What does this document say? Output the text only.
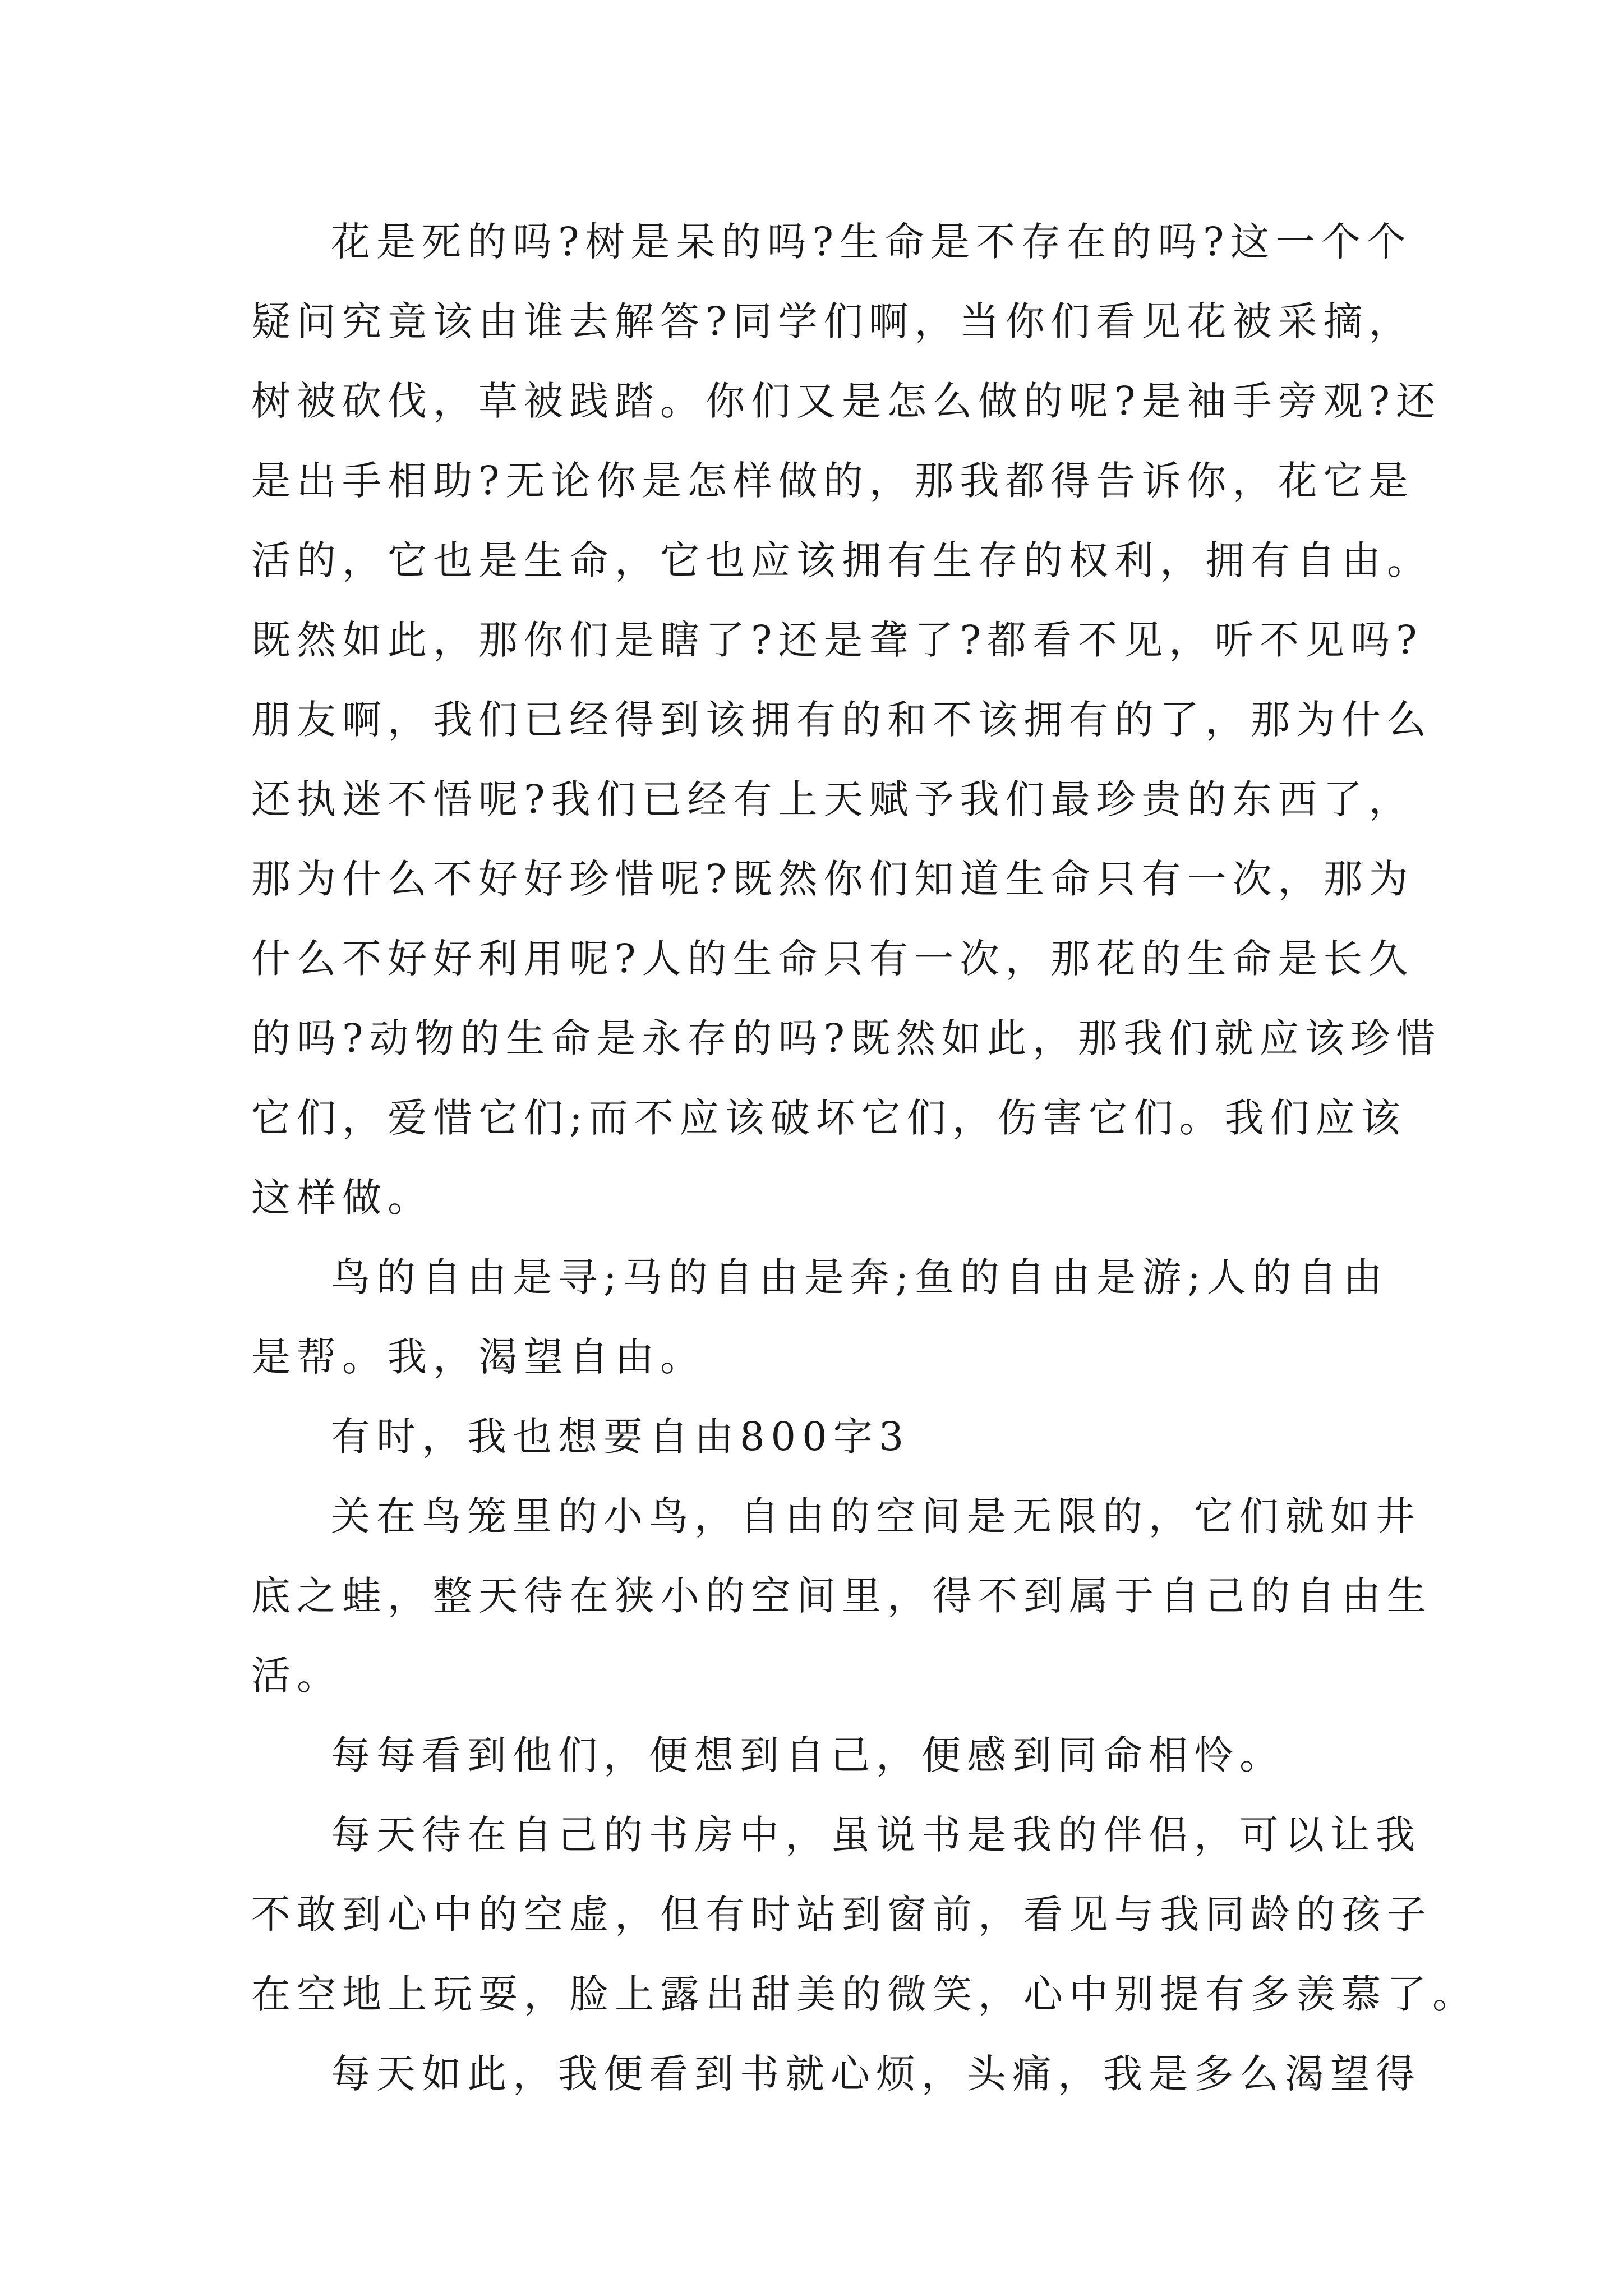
花是死的吗?树是呆的吗?生命是不存在的吗?这一个个
疑问究竟该由谁去解答?同学们啊，当你们看见花被采摘，
树被砍伐，草被践踏。你们又是怎么做的呢?是袖手旁观?还
是出手相助?无论你是怎样做的，那我都得告诉你，花它是
活的，它也是生命，它也应该拥有生存的权利，拥有自由。
既然如此，那你们是瞎了?还是聋了?都看不见，听不见吗?
朋友啊，我们已经得到该拥有的和不该拥有的了，那为什么
还执迷不悟呢?我们已经有上天赋予我们最珍贵的东西了，
那为什么不好好珍惜呢?既然你们知道生命只有一次，那为
什么不好好利用呢?人的生命只有一次，那花的生命是长久
的吗?动物的生命是永存的吗?既然如此，那我们就应该珍惜
它们，爱惜它们;而不应该破坏它们，伤害它们。我们应该
这样做。
鸟的自由是寻;马的自由是奔;鱼的自由是游;人的自由
是帮。我，渴望自由。
有时，我也想要自由800字3
关在鸟笼里的小鸟，自由的空间是无限的，它们就如井
底之蛙，整天待在狭小的空间里，得不到属于自己的自由生
活。
每每看到他们，便想到自己，便感到同命相怜。
每天待在自己的书房中，虽说书是我的伴侣，可以让我
不敢到心中的空虚，但有时站到窗前，看见与我同龄的孩子
在空地上玩耍，脸上露出甜美的微笑，心中别提有多羡慕了。
每天如此，我便看到书就心烦，头痛，我是多么渴望得
